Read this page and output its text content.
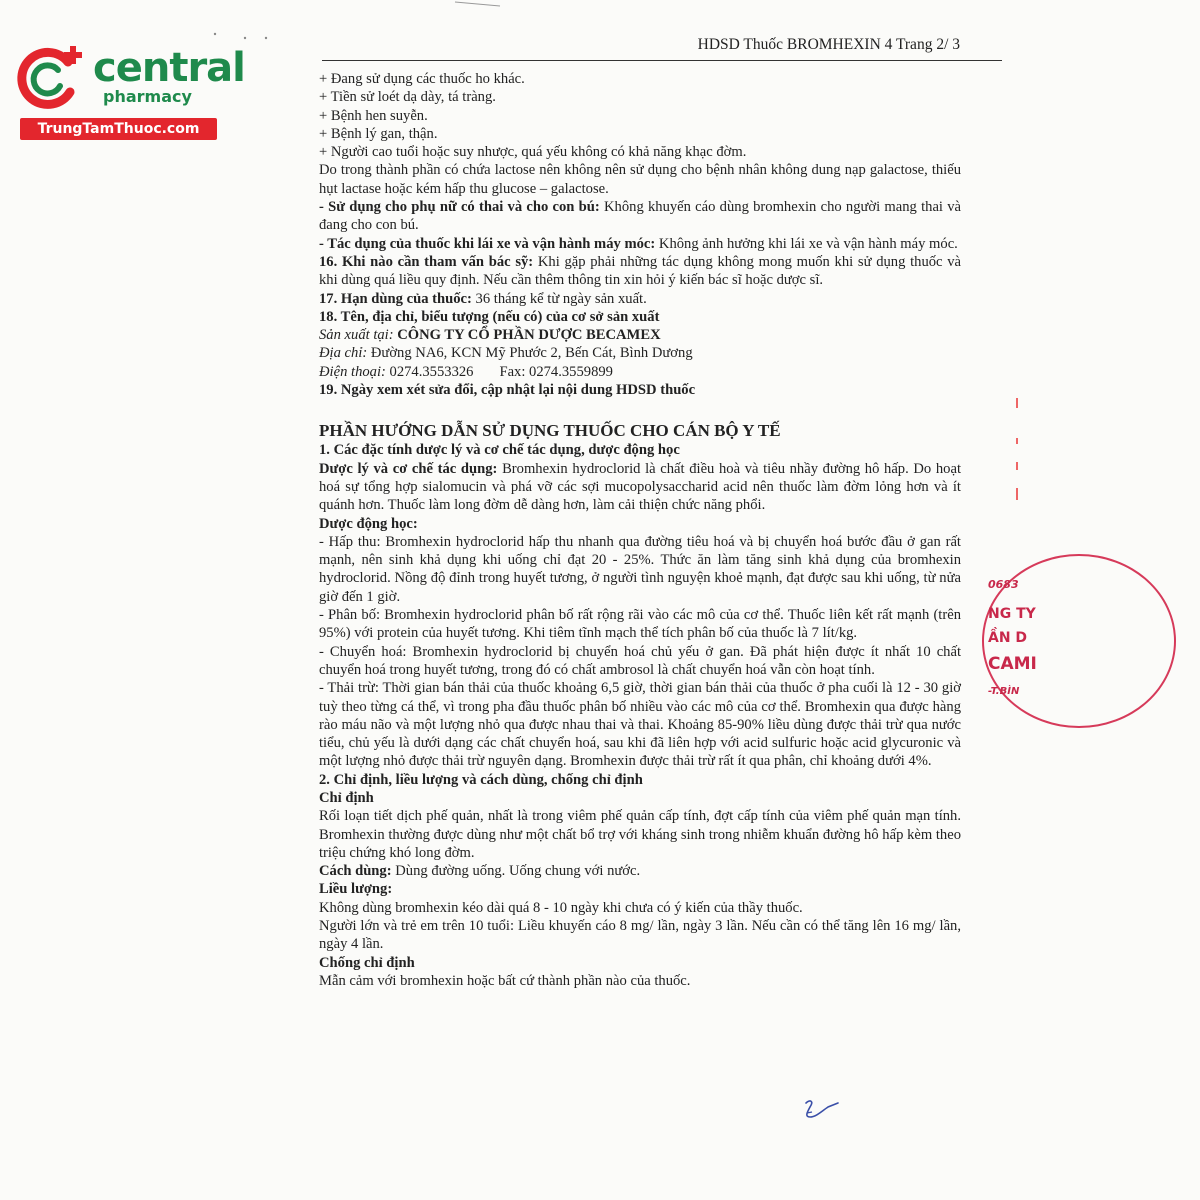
central
pharmacy
TrungTamThuoc.com
HDSD Thuốc BROMHEXIN 4 Trang 2/ 3

+ Đang sử dụng các thuốc ho khác.

+ Tiền sử loét dạ dày, tá tràng.

+ Bệnh hen suyễn.

+ Bệnh lý gan, thận.

+ Người cao tuổi hoặc suy nhược, quá yếu không có khả năng khạc đờm.

Do trong thành phần có chứa lactose nên không nên sử dụng cho bệnh nhân không dung nạp galactose, thiếu hụt lactase hoặc kém hấp thu glucose – galactose.

- Sử dụng cho phụ nữ có thai và cho con bú: Không khuyến cáo dùng bromhexin cho người mang thai và đang cho con bú.

- Tác dụng của thuốc khi lái xe và vận hành máy móc: Không ảnh hưởng khi lái xe và vận hành máy móc.

16. Khi nào cần tham vấn bác sỹ: Khi gặp phải những tác dụng không mong muốn khi sử dụng thuốc và khi dùng quá liều quy định. Nếu cần thêm thông tin xin hỏi ý kiến bác sĩ hoặc dược sĩ.

17. Hạn dùng của thuốc: 36 tháng kể từ ngày sản xuất.

18. Tên, địa chỉ, biểu tượng (nếu có) của cơ sở sản xuất

Sản xuất tại: CÔNG TY CỔ PHẦN DƯỢC BECAMEX

Địa chỉ: Đường NA6, KCN Mỹ Phước 2, Bến Cát, Bình Dương

Điện thoại: 0274.3553326 Fax: 0274.3559899

19. Ngày xem xét sửa đổi, cập nhật lại nội dung HDSD thuốc

PHẦN HƯỚNG DẪN SỬ DỤNG THUỐC CHO CÁN BỘ Y TẾ

1. Các đặc tính dược lý và cơ chế tác dụng, dược động học

Dược lý và cơ chế tác dụng: Bromhexin hydroclorid là chất điều hoà và tiêu nhầy đường hô hấp. Do hoạt hoá sự tổng hợp sialomucin và phá vỡ các sợi mucopolysaccharid acid nên thuốc làm đờm lỏng hơn và ít quánh hơn. Thuốc làm long đờm dễ dàng hơn, làm cải thiện chức năng phổi.

Dược động học:

- Hấp thu: Bromhexin hydroclorid hấp thu nhanh qua đường tiêu hoá và bị chuyển hoá bước đầu ở gan rất mạnh, nên sinh khả dụng khi uống chỉ đạt 20 - 25%. Thức ăn làm tăng sinh khả dụng của bromhexin hydroclorid. Nồng độ đỉnh trong huyết tương, ở người tình nguyện khoẻ mạnh, đạt được sau khi uống, từ nửa giờ đến 1 giờ.

- Phân bố: Bromhexin hydroclorid phân bố rất rộng rãi vào các mô của cơ thể. Thuốc liên kết rất mạnh (trên 95%) với protein của huyết tương. Khi tiêm tĩnh mạch thể tích phân bố của thuốc là 7 lít/kg.

- Chuyển hoá: Bromhexin hydroclorid bị chuyển hoá chủ yếu ở gan. Đã phát hiện được ít nhất 10 chất chuyển hoá trong huyết tương, trong đó có chất ambrosol là chất chuyển hoá vẫn còn hoạt tính.

- Thải trừ: Thời gian bán thải của thuốc khoảng 6,5 giờ, thời gian bán thải của thuốc ở pha cuối là 12 - 30 giờ tuỳ theo từng cá thể, vì trong pha đầu thuốc phân bố nhiều vào các mô của cơ thể. Bromhexin qua được hàng rào máu não và một lượng nhỏ qua được nhau thai và thai. Khoảng 85-90% liều dùng được thải trừ qua nước tiểu, chủ yếu là dưới dạng các chất chuyển hoá, sau khi đã liên hợp với acid sulfuric hoặc acid glycuronic và một lượng nhỏ được thải trừ nguyên dạng. Bromhexin được thải trừ rất ít qua phân, chỉ khoảng dưới 4%.

2. Chỉ định, liều lượng và cách dùng, chống chỉ định

Chỉ định

Rối loạn tiết dịch phế quản, nhất là trong viêm phế quản cấp tính, đợt cấp tính của viêm phế quản mạn tính. Bromhexin thường được dùng như một chất bổ trợ với kháng sinh trong nhiễm khuẩn đường hô hấp kèm theo triệu chứng khó long đờm.

Cách dùng: Dùng đường uống. Uống chung với nước.

Liều lượng:

Không dùng bromhexin kéo dài quá 8 - 10 ngày khi chưa có ý kiến của thầy thuốc.

Người lớn và trẻ em trên 10 tuổi: Liều khuyến cáo 8 mg/ lần, ngày 3 lần. Nếu cần có thể tăng lên 16 mg/ lần, ngày 4 lần.

Chống chỉ định

Mẫn cảm với bromhexin hoặc bất cứ thành phần nào của thuốc.

0683
NG TY
ẦN D
CAMI
-T.BÌN
